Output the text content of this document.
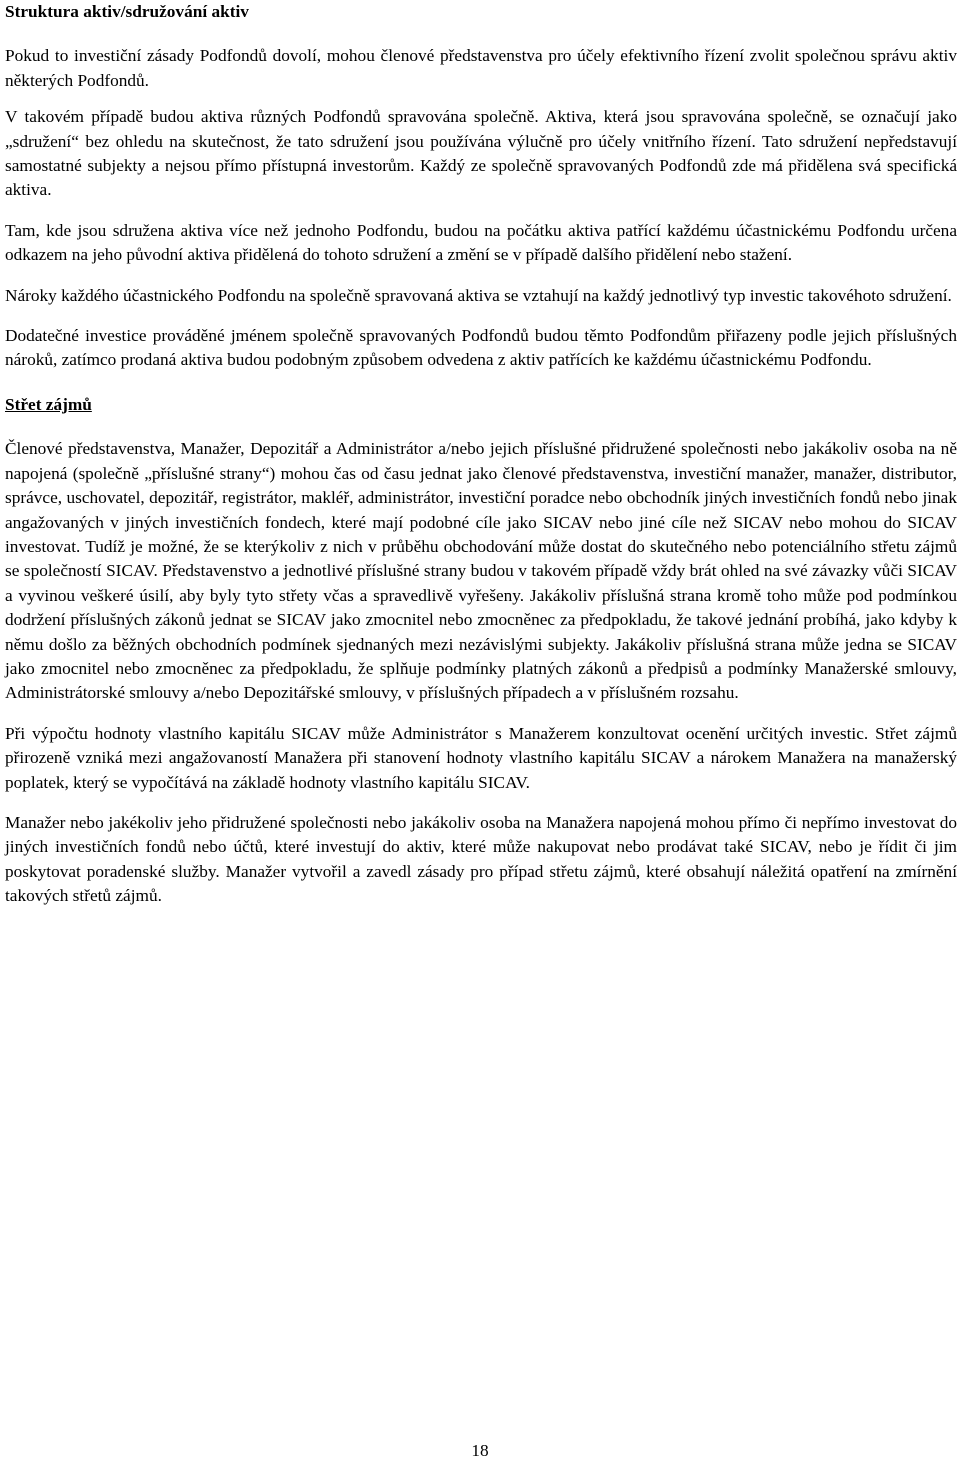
Struktura aktiv/sdružování aktiv

Pokud to investiční zásady Podfondů dovolí, mohou členové představenstva pro účely efektivního řízení zvolit společnou správu aktiv některých Podfondů.

V takovém případě budou aktiva různých Podfondů spravována společně. Aktiva, která jsou spravována společně, se označují jako „sdružení“ bez ohledu na skutečnost, že tato sdružení jsou používána výlučně pro účely vnitřního řízení. Tato sdružení nepředstavují samostatné subjekty a nejsou přímo přístupná investorům. Každý ze společně spravovaných Podfondů zde má přidělena svá specifická aktiva.

Tam, kde jsou sdružena aktiva více než jednoho Podfondu, budou na počátku aktiva patřící každému účastnickému Podfondu určena odkazem na jeho původní aktiva přidělená do tohoto sdružení a změní se v případě dalšího přidělení nebo stažení.

Nároky každého účastnického Podfondu na společně spravovaná aktiva se vztahují na každý jednotlivý typ investic takovéhoto sdružení.

Dodatečné investice prováděné jménem společně spravovaných Podfondů budou těmto Podfondům přiřazeny podle jejich příslušných nároků, zatímco prodaná aktiva budou podobným způsobem odvedena z aktiv patřících ke každému účastnickému Podfondu.

Střet zájmů

Členové představenstva, Manažer, Depozitář a Administrátor a/nebo jejich příslušné přidružené společnosti nebo jakákoliv osoba na ně napojená (společně „příslušné strany“) mohou čas od času jednat jako členové představenstva, investiční manažer, manažer, distributor, správce, uschovatel, depozitář, registrátor, makléř, administrátor, investiční poradce nebo obchodník jiných investičních fondů nebo jinak angažovaných v jiných investičních fondech, které mají podobné cíle jako SICAV nebo jiné cíle než SICAV nebo mohou do SICAV investovat. Tudíž je možné, že se kterýkoliv z nich v průběhu obchodování může dostat do skutečného nebo potenciálního střetu zájmů se společností SICAV. Představenstvo a jednotlivé příslušné strany budou v takovém případě vždy brát ohled na své závazky vůči SICAV a vyvinou veškeré úsilí, aby byly tyto střety včas a spravedlivě vyřešeny. Jakákoliv příslušná strana kromě toho může pod podmínkou dodržení příslušných zákonů jednat se SICAV jako zmocnitel nebo zmocněnec za předpokladu, že takové jednání probíhá, jako kdyby k němu došlo za běžných obchodních podmínek sjednaných mezi nezávislými subjekty. Jakákoliv příslušná strana může jedna se SICAV jako zmocnitel nebo zmocněnec za předpokladu, že splňuje podmínky platných zákonů a předpisů a podmínky Manažerské smlouvy, Administrátorské smlouvy a/nebo Depozitářské smlouvy, v příslušných případech a v příslušném rozsahu.

Při výpočtu hodnoty vlastního kapitálu SICAV může Administrátor s Manažerem konzultovat ocenění určitých investic. Střet zájmů přirozeně vzniká mezi angažovaností Manažera při stanovení hodnoty vlastního kapitálu SICAV a nárokem Manažera na manažerský poplatek, který se vypočítává na základě hodnoty vlastního kapitálu SICAV.

Manažer nebo jakékoliv jeho přidružené společnosti nebo jakákoliv osoba na Manažera napojená mohou přímo či nepřímo investovat do jiných investičních fondů nebo účtů, které investují do aktiv, které může nakupovat nebo prodávat také SICAV, nebo je řídit či jim poskytovat poradenské služby. Manažer vytvořil a zavedl zásady pro případ střetu zájmů, které obsahují náležitá opatření na zmírnění takových střetů zájmů.

18
